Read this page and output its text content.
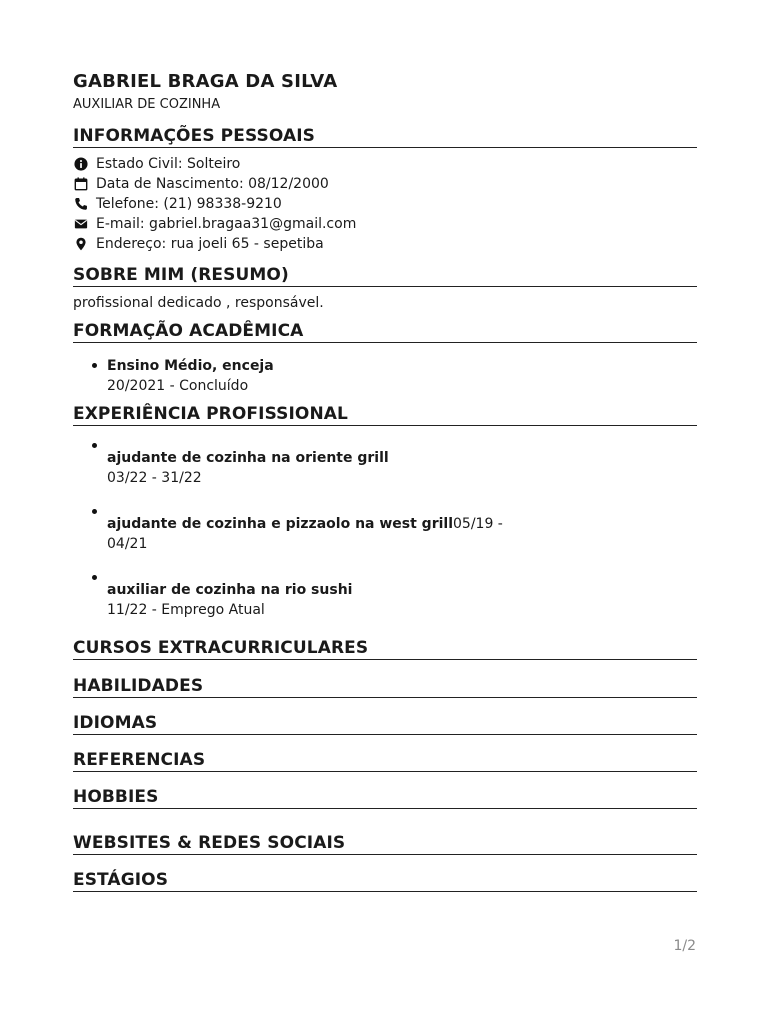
GABRIEL BRAGA DA SILVA
AUXILIAR DE COZINHA
INFORMAÇÕES PESSOAIS
Estado Civil: Solteiro
Data de Nascimento: 08/12/2000
Telefone: (21) 98338-9210
E-mail: gabriel.bragaa31@gmail.com
Endereço: rua joeli 65 - sepetiba
SOBRE MIM (RESUMO)
profissional dedicado , responsável.
FORMAÇÃO ACADÊMICA
Ensino Médio, enceja
20/2021 - Concluído
EXPERIÊNCIA PROFISSIONAL
ajudante de cozinha na oriente grill
03/22 - 31/22
ajudante de cozinha e pizzaolo na west grill05/19 -
04/21
auxiliar de cozinha na rio sushi
11/22 - Emprego Atual
CURSOS EXTRACURRICULARES
HABILIDADES
IDIOMAS
REFERENCIAS
HOBBIES
WEBSITES & REDES SOCIAIS
ESTÁGIOS
1/2
